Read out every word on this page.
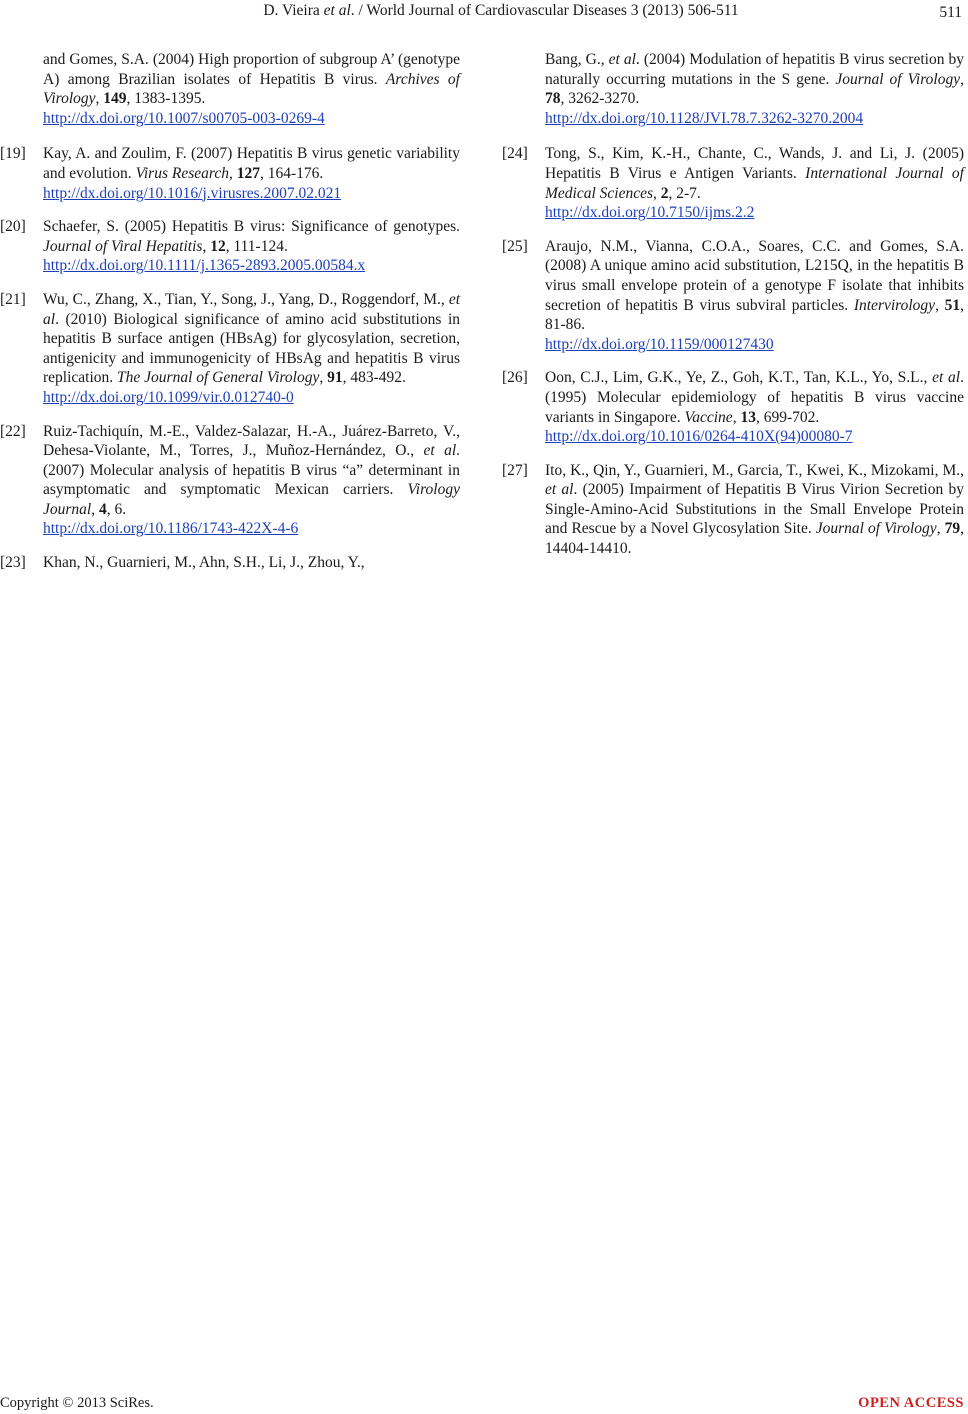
D. Vieira et al. / World Journal of Cardiovascular Diseases 3 (2013) 506-511	511
and Gomes, S.A. (2004) High proportion of subgroup A’ (genotype A) among Brazilian isolates of Hepatitis B virus. Archives of Virology, 149, 1383-1395.
http://dx.doi.org/10.1007/s00705-003-0269-4
[19] Kay, A. and Zoulim, F. (2007) Hepatitis B virus genetic variability and evolution. Virus Research, 127, 164-176.
http://dx.doi.org/10.1016/j.virusres.2007.02.021
[20] Schaefer, S. (2005) Hepatitis B virus: Significance of genotypes. Journal of Viral Hepatitis, 12, 111-124.
http://dx.doi.org/10.1111/j.1365-2893.2005.00584.x
[21] Wu, C., Zhang, X., Tian, Y., Song, J., Yang, D., Roggendorf, M., et al. (2010) Biological significance of amino acid substitutions in hepatitis B surface antigen (HBsAg) for glycosylation, secretion, antigenicity and immunogenicity of HBsAg and hepatitis B virus replication. The Journal of General Virology, 91, 483-492.
http://dx.doi.org/10.1099/vir.0.012740-0
[22] Ruiz-Tachiquín, M.-E., Valdez-Salazar, H.-A., Juárez-Barreto, V., Dehesa-Violante, M., Torres, J., Muñoz-Hernández, O., et al. (2007) Molecular analysis of hepatitis B virus “a” determinant in asymptomatic and symptomatic Mexican carriers. Virology Journal, 4, 6.
http://dx.doi.org/10.1186/1743-422X-4-6
[23] Khan, N., Guarnieri, M., Ahn, S.H., Li, J., Zhou, Y.,
Bang, G., et al. (2004) Modulation of hepatitis B virus secretion by naturally occurring mutations in the S gene. Journal of Virology, 78, 3262-3270.
http://dx.doi.org/10.1128/JVI.78.7.3262-3270.2004
[24] Tong, S., Kim, K.-H., Chante, C., Wands, J. and Li, J. (2005) Hepatitis B Virus e Antigen Variants. International Journal of Medical Sciences, 2, 2-7.
http://dx.doi.org/10.7150/ijms.2.2
[25] Araujo, N.M., Vianna, C.O.A., Soares, C.C. and Gomes, S.A. (2008) A unique amino acid substitution, L215Q, in the hepatitis B virus small envelope protein of a genotype F isolate that inhibits secretion of hepatitis B virus subviral particles. Intervirology, 51, 81-86.
http://dx.doi.org/10.1159/000127430
[26] Oon, C.J., Lim, G.K., Ye, Z., Goh, K.T., Tan, K.L., Yo, S.L., et al. (1995) Molecular epidemiology of hepatitis B virus vaccine variants in Singapore. Vaccine, 13, 699-702.
http://dx.doi.org/10.1016/0264-410X(94)00080-7
[27] Ito, K., Qin, Y., Guarnieri, M., Garcia, T., Kwei, K., Mizokami, M., et al. (2005) Impairment of Hepatitis B Virus Virion Secretion by Single-Amino-Acid Substitutions in the Small Envelope Protein and Rescue by a Novel Glycosylation Site. Journal of Virology, 79, 14404-14410.
Copyright © 2013 SciRes.	OPEN ACCESS
